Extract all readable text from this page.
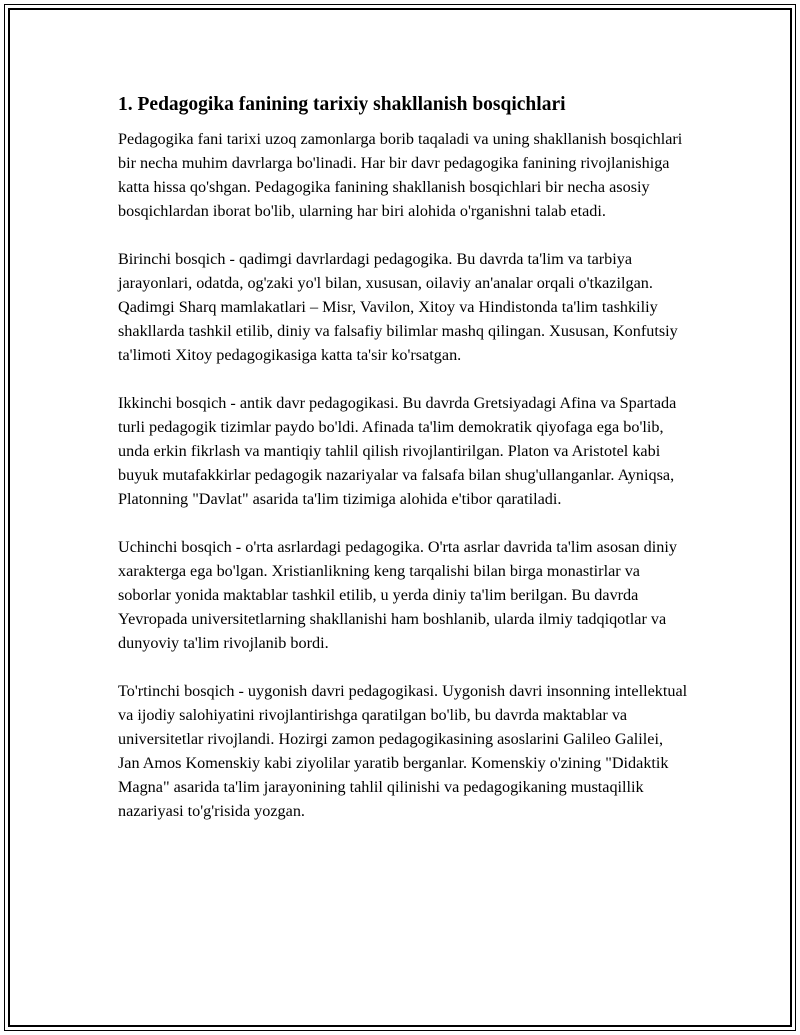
1. Pedagogika fanining tarixiy shakllanish bosqichlari

Pedagogika fani tarixi uzoq zamonlarga borib taqaladi va uning shakllanish bosqichlari bir necha muhim davrlarga bo'linadi. Har bir davr pedagogika fanining rivojlanishiga katta hissa qo'shgan. Pedagogika fanining shakllanish bosqichlari bir necha asosiy bosqichlardan iborat bo'lib, ularning har biri alohida o'rganishni talab etadi.

Birinchi bosqich - qadimgi davrlardagi pedagogika. Bu davrda ta'lim va tarbiya jarayonlari, odatda, og'zaki yo'l bilan, xususan, oilaviy an'analar orqali o'tkazilgan. Qadimgi Sharq mamlakatlari – Misr, Vavilon, Xitoy va Hindistonda ta'lim tashkiliy shakllarda tashkil etilib, diniy va falsafiy bilimlar mashq qilingan. Xususan, Konfutsiy ta'limoti Xitoy pedagogikasiga katta ta'sir ko'rsatgan.

Ikkinchi bosqich - antik davr pedagogikasi. Bu davrda Gretsiyadagi Afina va Spartada turli pedagogik tizimlar paydo bo'ldi. Afinada ta'lim demokratik qiyofaga ega bo'lib, unda erkin fikrlash va mantiqiy tahlil qilish rivojlantirilgan. Platon va Aristotel kabi buyuk mutafakkirlar pedagogik nazariyalar va falsafa bilan shug'ullanganlar. Ayniqsa, Platonning "Davlat" asarida ta'lim tizimiga alohida e'tibor qaratiladi.

Uchinchi bosqich - o'rta asrlardagi pedagogika. O'rta asrlar davrida ta'lim asosan diniy xarakterga ega bo'lgan. Xristianlikning keng tarqalishi bilan birga monastirlar va soborlar yonida maktablar tashkil etilib, u yerda diniy ta'lim berilgan. Bu davrda Yevropada universitetlarning shakllanishi ham boshlanib, ularda ilmiy tadqiqotlar va dunyoviy ta'lim rivojlanib bordi.

To'rtinchi bosqich - uygonish davri pedagogikasi. Uygonish davri insonning intellektual va ijodiy salohiyatini rivojlantirishga qaratilgan bo'lib, bu davrda maktablar va universitetlar rivojlandi. Hozirgi zamon pedagogikasining asoslarini Galileo Galilei, Jan Amos Komenskiy kabi ziyolilar yaratib berganlar. Komenskiy o'zining "Didaktik Magna" asarida ta'lim jarayonining tahlil qilinishi va pedagogikaning mustaqillik nazariyasi to'g'risida yozgan.
